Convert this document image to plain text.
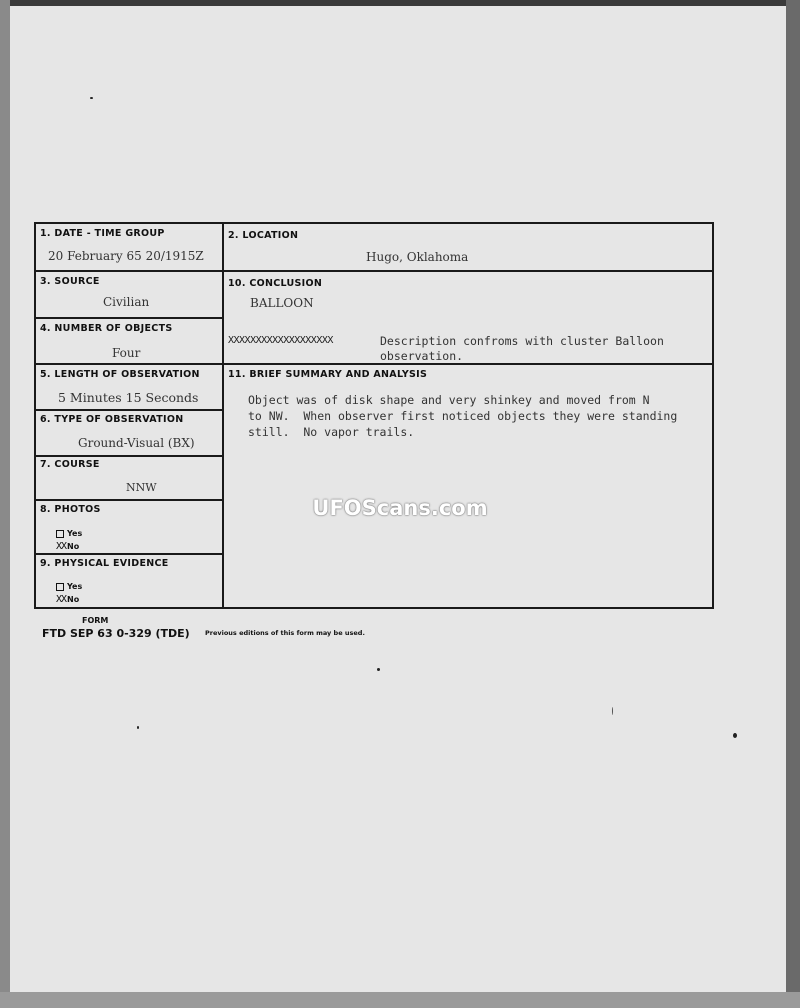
1. DATE - TIME GROUP
20 February 65 20/1915Z
2. LOCATION
Hugo, Oklahoma
3. SOURCE
Civilian
10. CONCLUSION
BALLOON
XXXXXXXXXXXXXXXXXXX	Description confroms with cluster Balloon
observation.
4. NUMBER OF OBJECTS
Four
5. LENGTH OF OBSERVATION
5 Minutes 15 Seconds
11. BRIEF SUMMARY AND ANALYSIS
Object was of disk shape and very shinkey and moved from N
to NW.  When observer first noticed objects they were standing
still.  No vapor trails.
6. TYPE OF OBSERVATION
Ground-Visual (BX)
7. COURSE
NNW
8. PHOTOS
Yes
XXNo
9. PHYSICAL EVIDENCE
Yes
XXNo
UFOScans.com
FORM
FTD SEP 63 0-329 (TDE) Previous editions of this form may be used.
